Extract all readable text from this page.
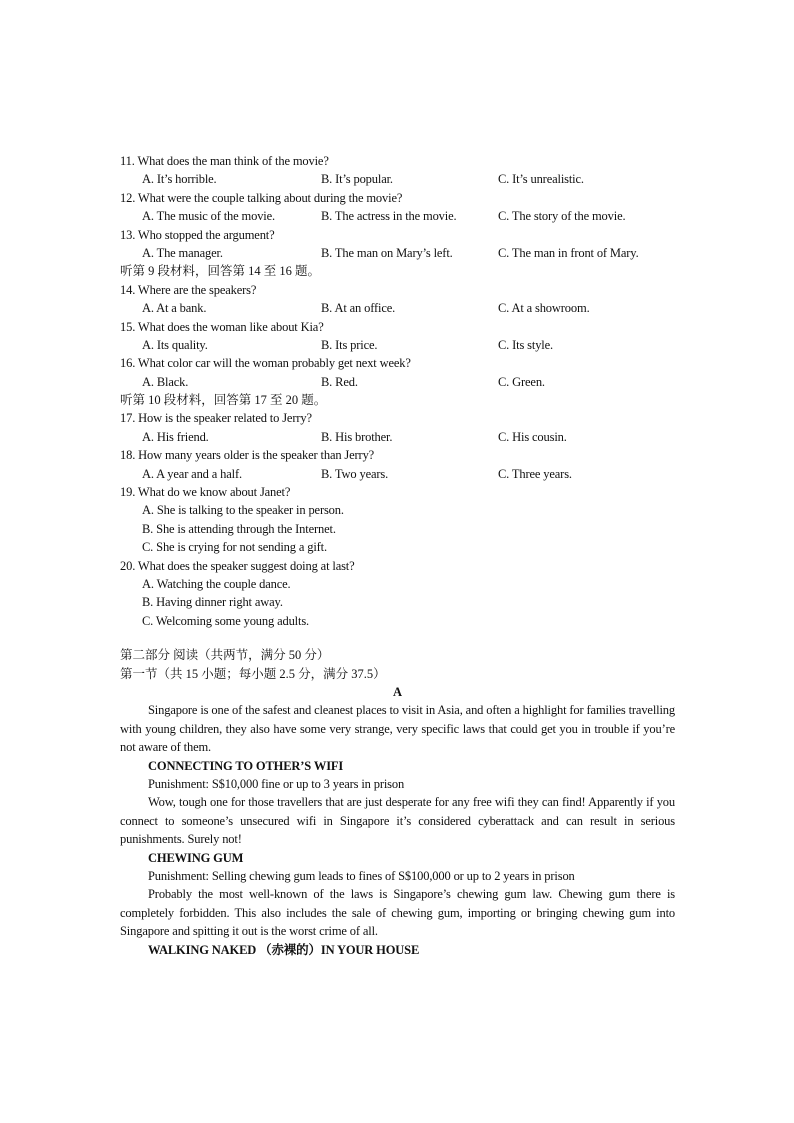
11. What does the man think of the movie?
A. It’s horrible.	B. It’s popular.	C. It’s unrealistic.
12. What were the couple talking about during the movie?
A. The music of the movie.	B. The actress in the movie.	C. The story of the movie.
13. Who stopped the argument?
A. The manager.	B. The man on Mary’s left.	C. The man in front of Mary.
听第 9 段材料，回答第 14 至 16 题。
14. Where are the speakers?
A. At a bank.	B. At an office.	C. At a showroom.
15. What does the woman like about Kia?
A. Its quality.	B. Its price.	C. Its style.
16. What color car will the woman probably get next week?
A. Black.	B. Red.	C. Green.
听第 10 段材料，回答第 17 至 20 题。
17. How is the speaker related to Jerry?
A. His friend.	B. His brother.	C. His cousin.
18. How many years older is the speaker than Jerry?
A. A year and a half.	B. Two years.	C. Three years.
19. What do we know about Janet?
A. She is talking to the speaker in person.
B. She is attending through the Internet.
C. She is crying for not sending a gift.
20. What does the speaker suggest doing at last?
A. Watching the couple dance.
B. Having dinner right away.
C. Welcoming some young adults.
第二部分 阅读（共两节，满分 50 分）
第一节（共 15 小题；每小题 2.5 分，满分 37.5）
A
Singapore is one of the safest and cleanest places to visit in Asia, and often a highlight for families travelling with young children, they also have some very strange, very specific laws that could get you in trouble if you’re not aware of them.
CONNECTING TO OTHER’S WIFI
Punishment: S$10,000 fine or up to 3 years in prison
Wow, tough one for those travellers that are just desperate for any free wifi they can find! Apparently if you connect to someone’s unsecured wifi in Singapore it’s considered cyberattack and can result in serious punishments. Surely not!
CHEWING GUM
Punishment: Selling chewing gum leads to fines of S$100,000 or up to 2 years in prison
Probably the most well-known of the laws is Singapore’s chewing gum law. Chewing gum there is completely forbidden. This also includes the sale of chewing gum, importing or bringing chewing gum into Singapore and spitting it out is the worst crime of all.
WALKING NAKED （赤裸的）IN YOUR HOUSE
